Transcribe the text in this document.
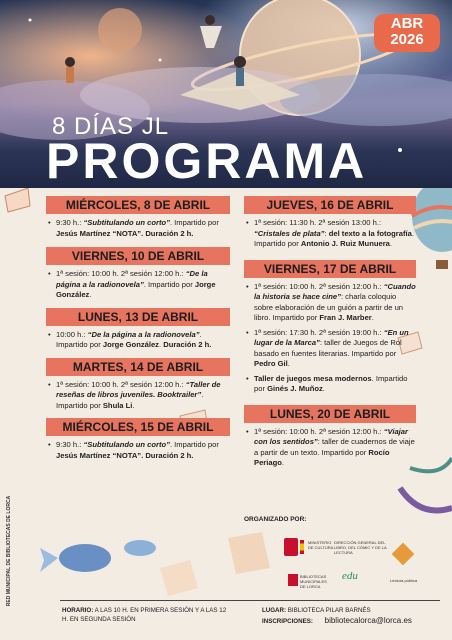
ABR
2026
8 DÍAS JL
PROGRAMA
MIÉRCOLES, 8 DE ABRIL
• 9:30 h.: “Subtitulando un corto”. Impartido por Jesús Martínez “NOTA”. Duración 2 h.
VIERNES, 10 DE ABRIL
• 1ª sesión: 10:00 h. 2ª sesión 12:00 h.: “De la página a la radionovela”. Impartido por Jorge González.
LUNES, 13 DE ABRIL
• 10:00 h.: “De la página a la radionovela”. Impartido por Jorge González. Duración 2 h.
MARTES, 14 DE ABRIL
• 1ª sesión: 10:00 h. 2ª sesión 12:00 h.: “Taller de reseñas de libros juveniles. Booktrailer”. Impartido por Shula Li.
MIÉRCOLES, 15 DE ABRIL
• 9:30 h.: “Subtitulando un corto”. Impartido por Jesús Martínez “NOTA”. Duración 2 h.
JUEVES, 16 DE ABRIL
• 1ª sesión: 11:30 h. 2ª sesión 13:00 h.: “Cristales de plata”: del texto a la fotografía. Impartido por Antonio J. Ruiz Munuera.
VIERNES, 17 DE ABRIL
• 1ª sesión: 10:00 h. 2ª sesión 12:00 h.: “Cuando la historia se hace cine”: charla coloquio sobre elaboración de un guión a partir de un libro. Impartido por Fran J. Marber.
• 1ª sesión: 17:30 h. 2ª sesión 19:00 h.: “En un lugar de la Marca”: taller de Juegos de Rol basado en fuentes literarias. Impartido por Pedro Gil.
• Taller de juegos mesa modernos. Impartido por Ginés J. Muñoz.
LUNES, 20 DE ABRIL
• 1ª sesión: 10:00 h. 2ª sesión 12:00 h.: “Viajar con los sentidos”: taller de cuadernos de viaje a partir de un texto. Impartido por Rocío Periago.
ORGANIZADO POR:
MINISTERIO DE CULTURA
DIRECCIÓN GENERAL DEL LIBRO, DEL CÓMIC Y DE LA LECTURA
Lectura pública
BIBLIOTECAS MUNICIPALES DE LORCA
edu
RED MUNICIPAL DE BIBLIOTECAS DE LORCA
HORARIO: A LAS 10 H. EN PRIMERA SESIÓN Y A LAS 12 H. EN SEGUNDA SESIÓN
LUGAR: BIBLIOTECA PILAR BARNÉS
INSCRIPCIONES: bibliotecalorca@lorca.es
